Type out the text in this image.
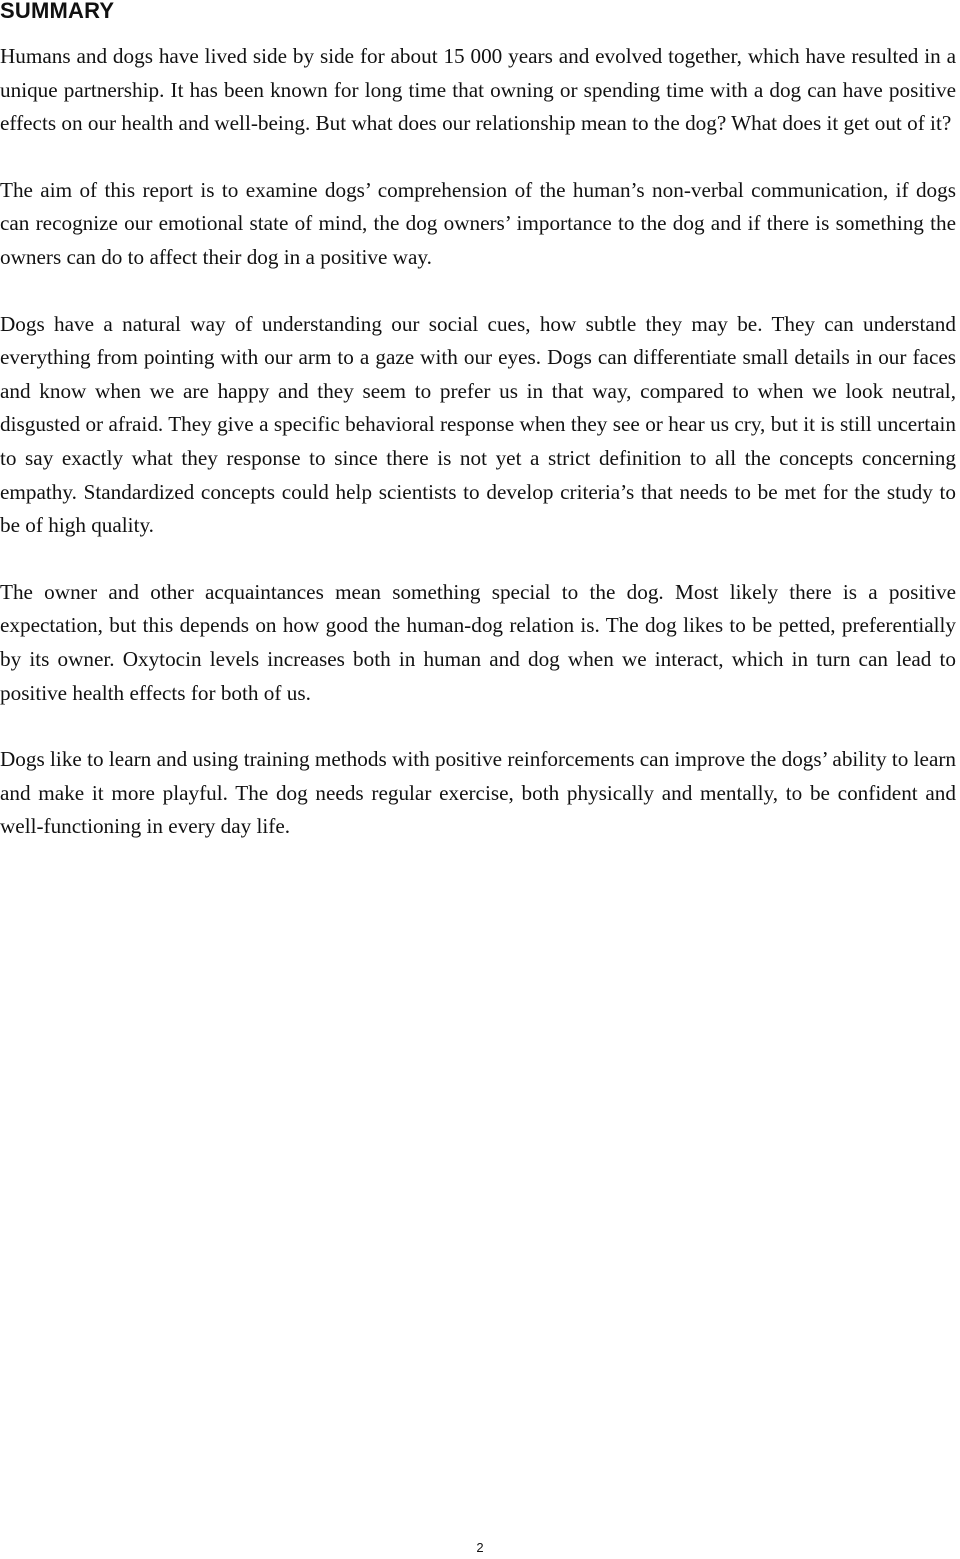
SUMMARY

Humans and dogs have lived side by side for about 15 000 years and evolved together, which have resulted in a unique partnership. It has been known for long time that owning or spending time with a dog can have positive effects on our health and well-being. But what does our relationship mean to the dog? What does it get out of it?

The aim of this report is to examine dogs’ comprehension of the human’s non-verbal communication, if dogs can recognize our emotional state of mind, the dog owners’ importance to the dog and if there is something the owners can do to affect their dog in a positive way.

Dogs have a natural way of understanding our social cues, how subtle they may be. They can understand everything from pointing with our arm to a gaze with our eyes. Dogs can differentiate small details in our faces and know when we are happy and they seem to prefer us in that way, compared to when we look neutral, disgusted or afraid. They give a specific behavioral response when they see or hear us cry, but it is still uncertain to say exactly what they response to since there is not yet a strict definition to all the concepts concerning empathy. Standardized concepts could help scientists to develop criteria’s that needs to be met for the study to be of high quality.

The owner and other acquaintances mean something special to the dog. Most likely there is a positive expectation, but this depends on how good the human-dog relation is. The dog likes to be petted, preferentially by its owner. Oxytocin levels increases both in human and dog when we interact, which in turn can lead to positive health effects for both of us.

Dogs like to learn and using training methods with positive reinforcements can improve the dogs’ ability to learn and make it more playful. The dog needs regular exercise, both physically and mentally, to be confident and well-functioning in every day life.

2
